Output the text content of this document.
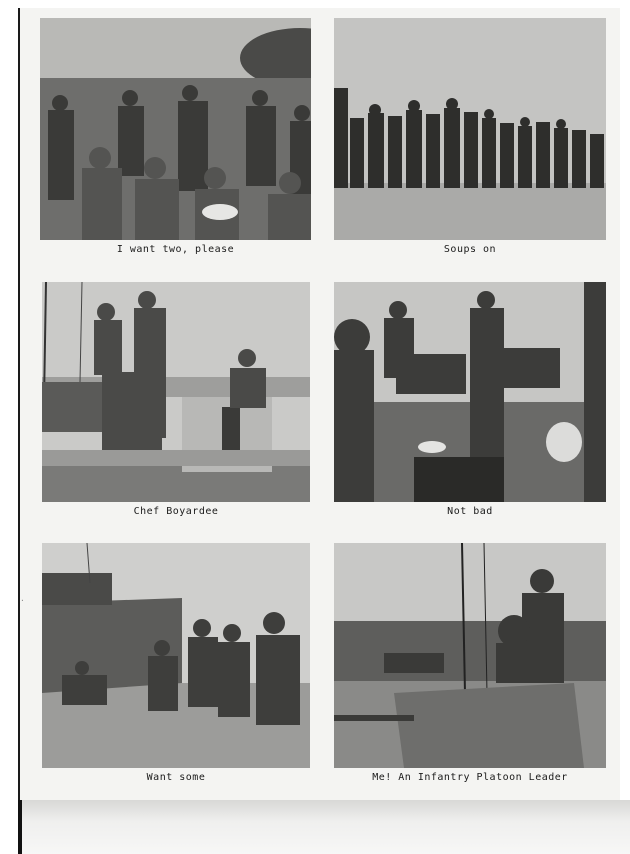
·
I want two, please	Soups on
Chef Boyardee	Not bad
Want some	Me! An Infantry Platoon Leader
